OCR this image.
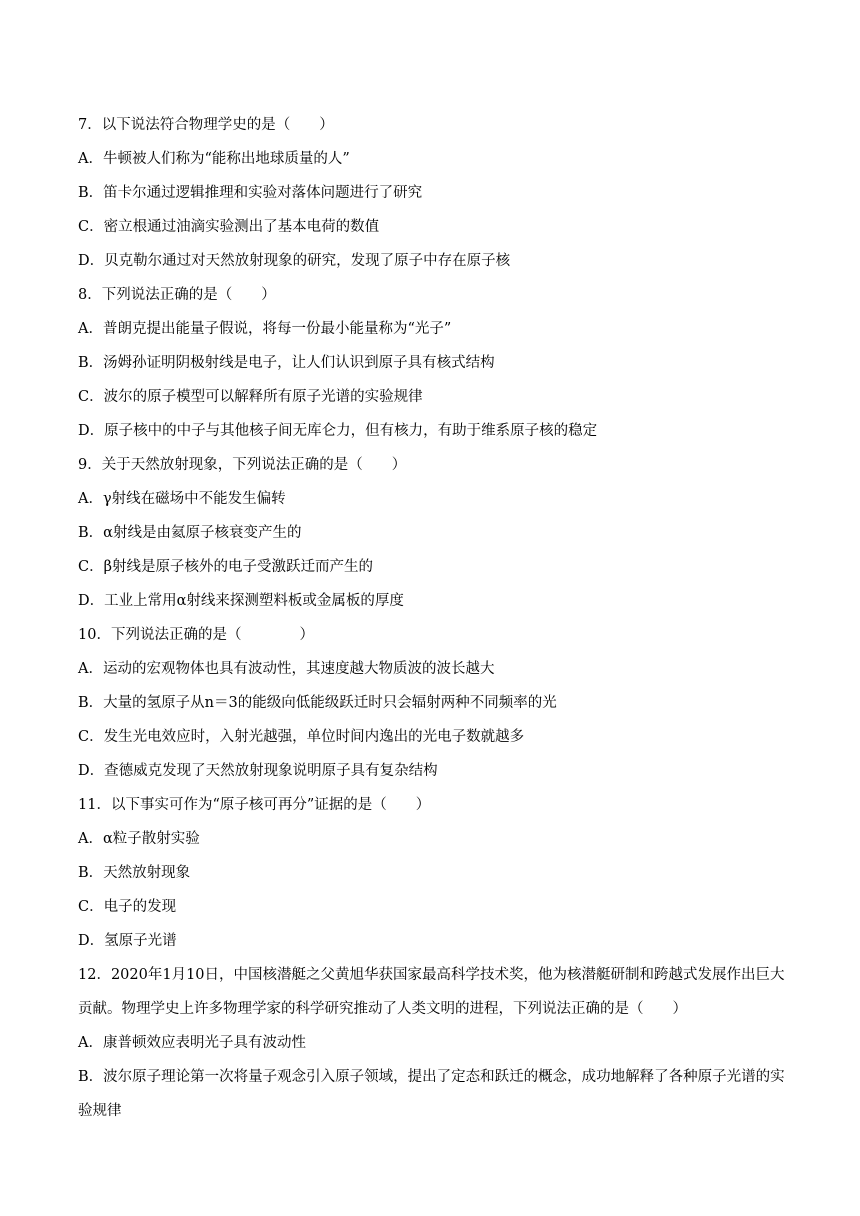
7．以下说法符合物理学史的是（　　）
A．牛顿被人们称为“能称出地球质量的人”
B．笛卡尔通过逻辑推理和实验对落体问题进行了研究
C．密立根通过油滴实验测出了基本电荷的数值
D．贝克勒尔通过对天然放射现象的研究，发现了原子中存在原子核
8．下列说法正确的是（　　）
A．普朗克提出能量子假说，将每一份最小能量称为“光子”
B．汤姆孙证明阴极射线是电子，让人们认识到原子具有核式结构
C．波尔的原子模型可以解释所有原子光谱的实验规律
D．原子核中的中子与其他核子间无库仑力，但有核力，有助于维系原子核的稳定
9．关于天然放射现象，下列说法正确的是（　　）
A．γ射线在磁场中不能发生偏转
B．α射线是由氦原子核衰变产生的
C．β射线是原子核外的电子受激跃迁而产生的
D．工业上常用α射线来探测塑料板或金属板的厚度
10．下列说法正确的是（　　　　）
A．运动的宏观物体也具有波动性，其速度越大物质波的波长越大
B．大量的氢原子从n＝3的能级向低能级跃迁时只会辐射两种不同频率的光
C．发生光电效应时，入射光越强，单位时间内逸出的光电子数就越多
D．查德威克发现了天然放射现象说明原子具有复杂结构
11．以下事实可作为“原子核可再分”证据的是（　　）
A．α粒子散射实验
B．天然放射现象
C．电子的发现
D．氢原子光谱
12．2020年1月10日，中国核潜艇之父黄旭华获国家最高科学技术奖，他为核潜艇研制和跨越式发展作出巨大贡献。物理学史上许多物理学家的科学研究推动了人类文明的进程，下列说法正确的是（　　）
A．康普顿效应表明光子具有波动性
B．波尔原子理论第一次将量子观念引入原子领域，提出了定态和跃迁的概念，成功地解释了各种原子光谱的实验规律
